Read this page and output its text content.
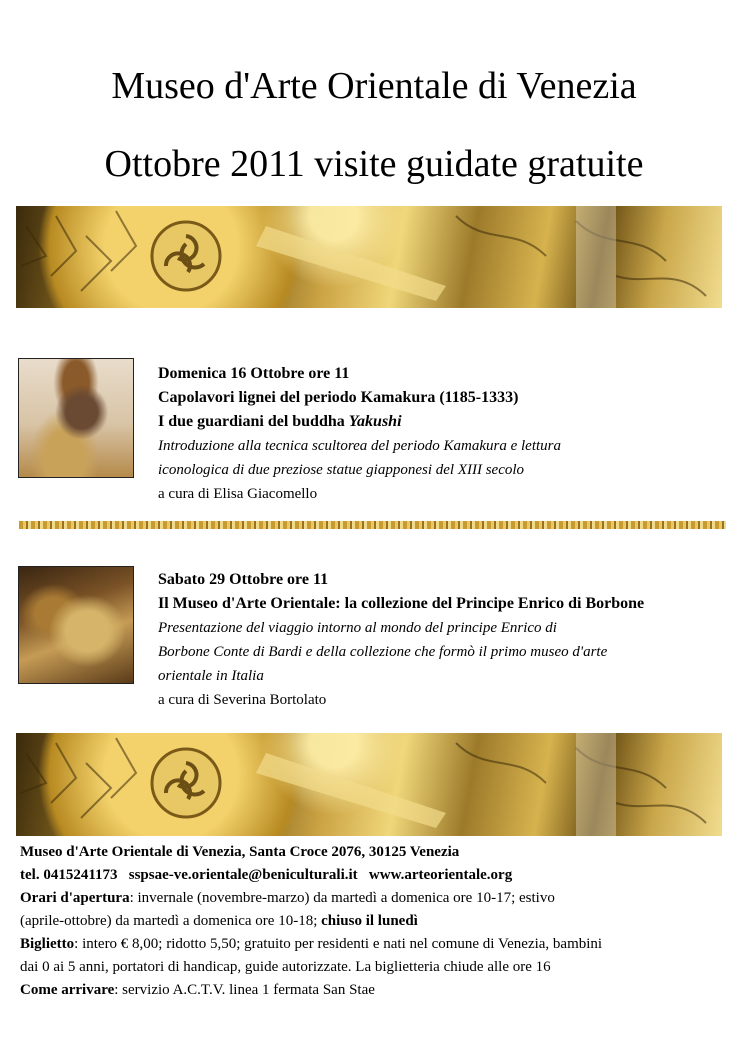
Museo d'Arte Orientale di Venezia
Ottobre 2011 visite guidate gratuite
Domenica 16 Ottobre ore 11
Capolavori lignei del periodo Kamakura (1185-1333)
I due guardiani del buddha Yakushi
Introduzione alla tecnica scultorea del periodo Kamakura e lettura
iconologica di due preziose statue giapponesi del XIII secolo
a cura di Elisa Giacomello
Sabato 29 Ottobre ore 11
Il Museo d'Arte Orientale: la collezione del Principe Enrico di Borbone
Presentazione del viaggio intorno al mondo del principe Enrico di
Borbone Conte di Bardi e della collezione che formò il primo museo d'arte
orientale in Italia
a cura di Severina Bortolato
Museo d'Arte Orientale di Venezia, Santa Croce 2076, 30125 Venezia
tel. 0415241173   sspsae-ve.orientale@beniculturali.it   www.arteorientale.org
Orari d'apertura: invernale (novembre-marzo) da martedì a domenica ore 10-17; estivo
(aprile-ottobre) da martedì a domenica ore 10-18; chiuso il lunedì
Biglietto: intero € 8,00; ridotto 5,50; gratuito per residenti e nati nel comune di Venezia, bambini
dai 0 ai 5 anni, portatori di handicap, guide autorizzate. La biglietteria chiude alle ore 16
Come arrivare: servizio A.C.T.V. linea 1 fermata San Stae
